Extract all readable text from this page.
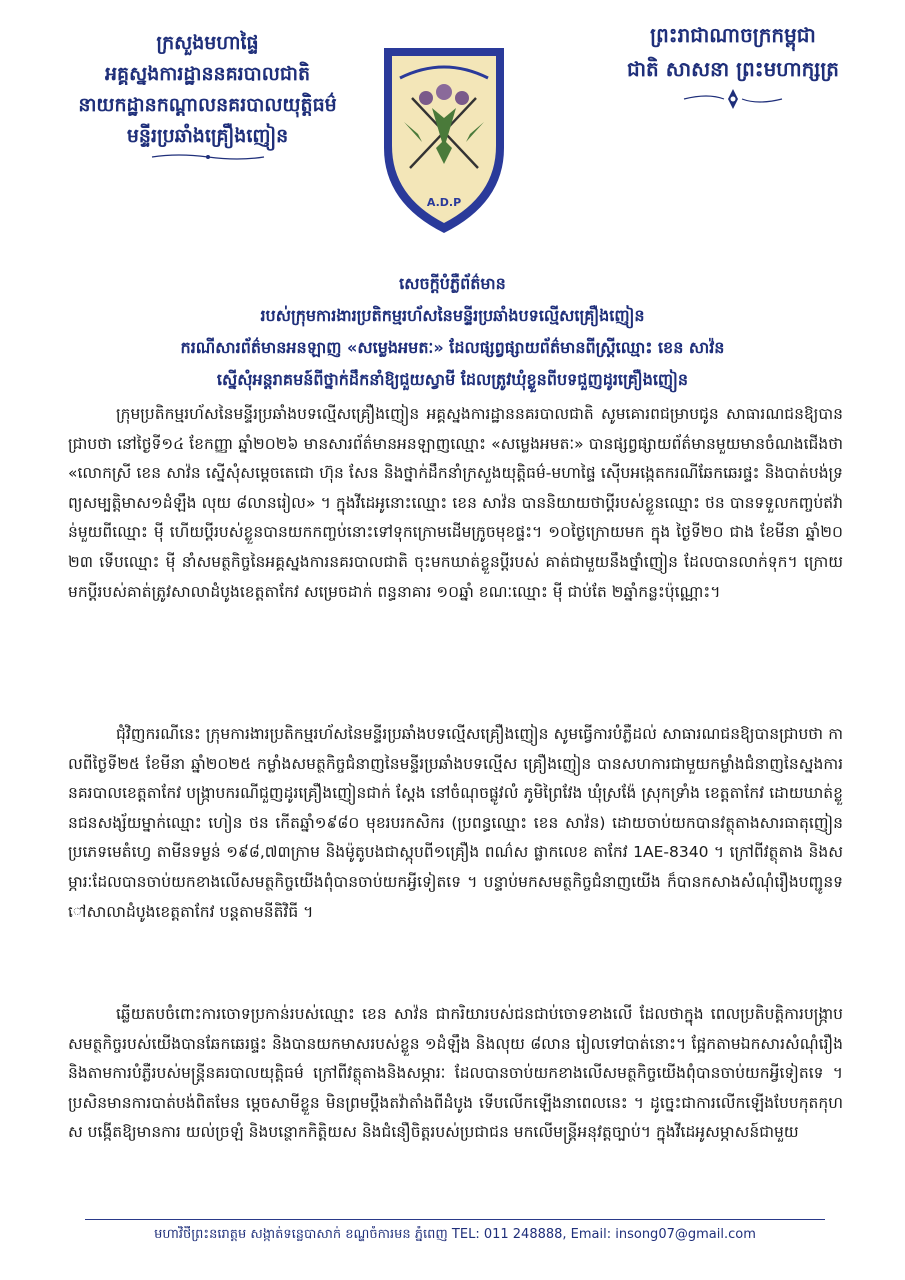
ក្រសួងមហាផ្ទៃ
អគ្គស្នងការដ្ឋាននគរបាលជាតិ
នាយកដ្ឋានកណ្តាលនគរបាលយុត្តិធម៌
មន្ទីរប្រឆាំងគ្រឿងញៀន
A.D.P
ព្រះរាជាណាចក្រកម្ពុជា
ជាតិ សាសនា ព្រះមហាក្សត្រ
សេចក្តីបំភ្លឺព័ត៌មាន
របស់ក្រុមការងារប្រតិកម្មរហ័សនៃមន្ទីរប្រឆាំងបទល្មើសគ្រឿងញៀន
ករណីសារព័ត៌មានអនឡាញ «សម្លេងអមតៈ» ដែលផ្សព្វផ្សាយព័ត៌មានពីស្ត្រីឈ្មោះ ខេន សាវ៉ន
ស្នើសុំអន្តរាគមន៍ពីថ្នាក់ដឹកនាំឱ្យជួយស្វាមី ដែលត្រូវឃុំខ្លួនពីបទជួញដូរគ្រឿងញៀន

ក្រុមប្រតិកម្មរហ័សនៃមន្ទីរប្រឆាំងបទល្មើសគ្រឿងញៀន អគ្គស្នងការដ្ឋាននគរបាលជាតិ សូមគោរពជម្រាបជូន សាធារណជនឱ្យបានជ្រាបថា នៅថ្ងៃទី១៤ ខែកញ្ញា ឆ្នាំ២០២៦ មានសារព័ត៌មានអនឡាញឈ្មោះ «សម្លេងអមតៈ» បានផ្សព្វផ្សាយព័ត៌មានមួយមានចំណងជើងថា «លោកស្រី ខេន សាវ៉ន ស្នើសុំសម្តេចតេជោ ហ៊ុន សែន និងថ្នាក់ដឹកនាំក្រសួងយុត្តិធម៌-មហាផ្ទៃ ស៊ើបអង្កេតករណីឆែកឆេរផ្ទះ និងបាត់បង់ទ្រព្យសម្បត្តិមាស១ដំឡឹង លុយ ៨លានរៀល» ។ ក្នុងវីដេអូនោះឈ្មោះ ខេន សាវ៉ន បាននិយាយថាប្តីរបស់ខ្លួនឈ្មោះ ថន បានទទួលកញ្ចប់ឥវ៉ាន់មួយពីឈ្មោះ ម៉ី ហើយប្តីរបស់ខ្លួនបានយកកញ្ចប់នោះទៅទុកក្រោមដើមក្រូចមុខផ្ទះ។ ១០ថ្ងៃក្រោយមក ក្នុង ថ្ងៃទី២០ ជាង ខែមីនា ឆ្នាំ២០២៣ ទើបឈ្មោះ ម៉ី នាំសមត្ថកិច្ចនៃអគ្គស្នងការនគរបាលជាតិ ចុះមកឃាត់ខ្លួនប្តីរបស់ គាត់ជាមួយនឹងថ្នាំញៀន ដែលបានលាក់ទុក។ ក្រោយមកប្តីរបស់គាត់ត្រូវសាលាដំបូងខេត្តតាកែវ សម្រេចដាក់ ពន្ធនាគារ ១០ឆ្នាំ ខណៈឈ្មោះ ម៉ី ជាប់តែ ២ឆ្នាំកន្លះប៉ុណ្ណោះ។

ជុំវិញករណីនេះ ក្រុមការងារប្រតិកម្មរហ័សនៃមន្ទីរប្រឆាំងបទល្មើសគ្រឿងញៀន សូមធ្វើការបំភ្លឺដល់ សាធារណជនឱ្យបានជ្រាបថា កាលពីថ្ងៃទី២៥ ខែមីនា ឆ្នាំ២០២៥ កម្លាំងសមត្ថកិច្ចជំនាញនៃមន្ទីរប្រឆាំងបទល្មើស គ្រឿងញៀន បានសហការជាមួយកម្លាំងជំនាញនៃស្នងការនគរបាលខេត្តតាកែវ បង្ក្រាបករណីជួញដូរគ្រឿងញៀនជាក់ ស្តែង នៅចំណុចផ្លូវលំ ភូមិព្រៃវែង ឃុំស្រង៉ែ ស្រុកទ្រាំង ខេត្តតាកែវ ដោយឃាត់ខ្លួនជនសង្ស័យម្នាក់ឈ្មោះ ហៀន ថន កើតឆ្នាំ១៩៨០ មុខរបរកសិករ (ប្រពន្ធឈ្មោះ ខេន សាវ៉ន) ដោយចាប់យកបានវត្ថុតាងសារធាតុញៀន ប្រភេទមេតំហ្វេ តាមីនទម្ងន់ ១៩៨,៧៣ក្រាម និងម៉ូតូបងជាស្កុបពី១គ្រឿង ពណ៌ស ផ្លាកលេខ តាកែវ 1AE-8340 ។ ក្រៅពីវត្ថុតាង និងសម្ភារៈដែលបានចាប់យកខាងលើសមត្ថកិច្ចយើងពុំបានចាប់យកអ្វីទៀតទេ ។ បន្ទាប់មកសមត្ថកិច្ចជំនាញយើង ក៏បានកសាងសំណុំរឿងបញ្ជូនទៅសាលាដំបូងខេត្តតាកែវ បន្តតាមនីតិវិធី ។

ឆ្លើយតបចំពោះការចោទប្រកាន់របស់ឈ្មោះ ខេន សាវ៉ន ជាករិយារបស់ជនជាប់ចោទខាងលើ ដែលថាក្នុង ពេលប្រតិបត្តិការបង្ក្រាប សមត្ថកិច្ចរបស់យើងបានឆែកឆេរផ្ទះ និងបានយកមាសរបស់ខ្លួន ១ដំឡឹង និងលុយ ៨លាន រៀលទៅបាត់នោះ។ ផ្អែកតាមឯកសារសំណុំរឿង និងតាមការបំភ្លឺរបស់មន្ត្រីនគរបាលយុត្តិធម៌ ក្រៅពីវត្ថុតាងនិងសម្ភារៈ ដែលបានចាប់យកខាងលើសមត្ថកិច្ចយើងពុំបានចាប់យកអ្វីទៀតទេ ។ ប្រសិនមានការបាត់បង់ពិតមែន ម្តេចសាមីខ្លួន មិនព្រមប្តឹងតវ៉ាតាំងពីដំបូង ទើបលើកឡើងនាពេលនេះ ។ ដូច្នេះជាការលើកឡើងបែបកុតកុហស បង្កើតឱ្យមានការ យល់ច្រឡំ និងបន្ថោកកិត្តិយស និងជំនឿចិត្តរបស់ប្រជាជន មកលើមន្ត្រីអនុវត្តច្បាប់។ ក្នុងវីដេអូសម្ភាសន៍ជាមួយ

មហាវិថីព្រះនរោត្តម សង្កាត់ទន្លេបាសាក់ ខណ្ឌចំការមន ភ្នំពេញ TEL: 011 248888, Email: insong07@gmail.com
